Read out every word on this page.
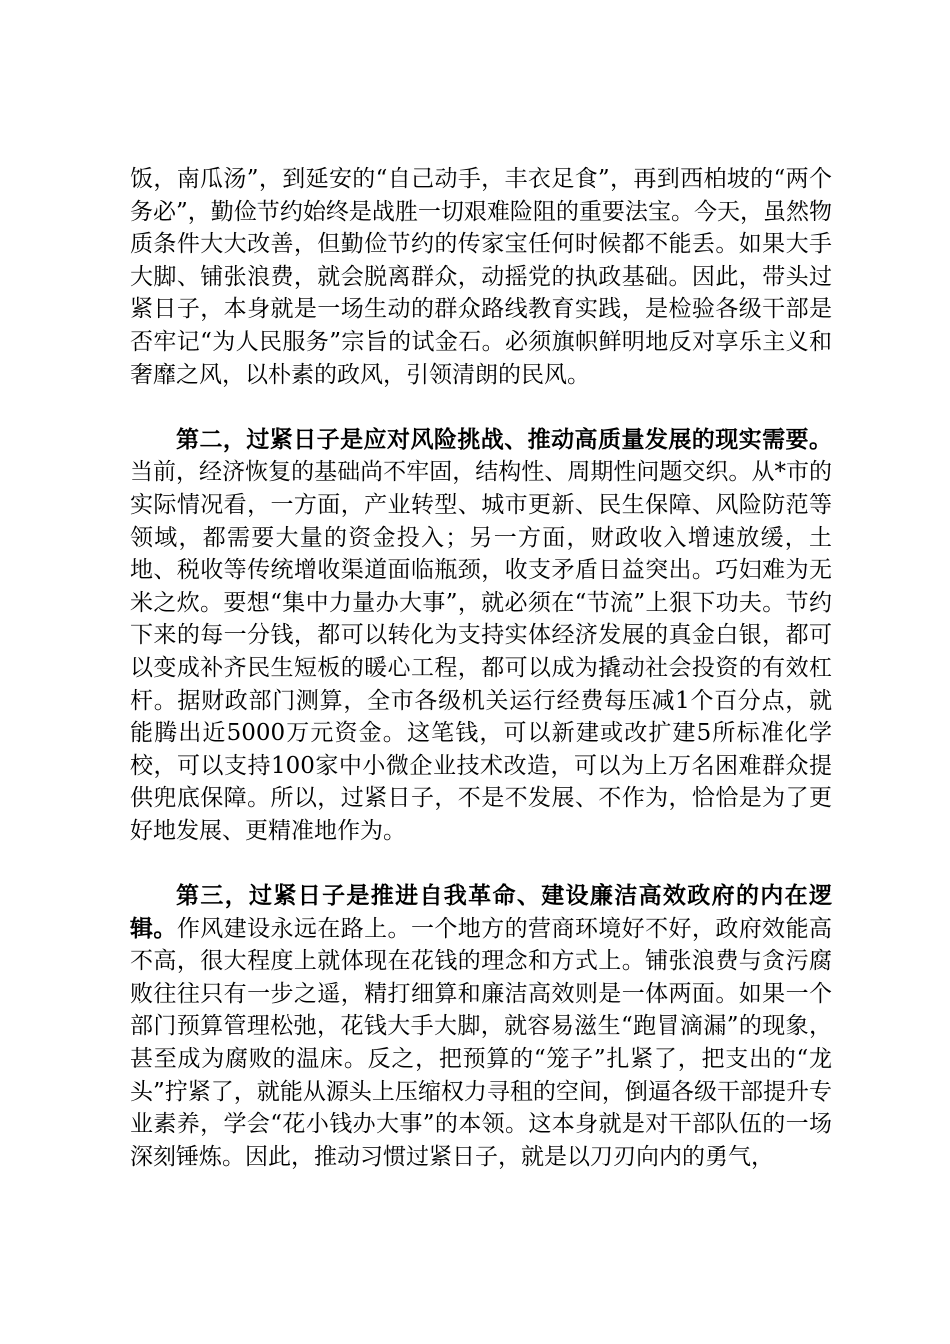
饭，南瓜汤”，到延安的“自己动手，丰衣足食”，再到西柏坡的“两个务必”，勤俭节约始终是战胜一切艰难险阻的重要法宝。今天，虽然物质条件大大改善，但勤俭节约的传家宝任何时候都不能丢。如果大手大脚、铺张浪费，就会脱离群众，动摇党的执政基础。因此，带头过紧日子，本身就是一场生动的群众路线教育实践，是检验各级干部是否牢记“为人民服务”宗旨的试金石。必须旗帜鲜明地反对享乐主义和奢靡之风，以朴素的政风，引领清朗的民风。

第二，过紧日子是应对风险挑战、推动高质量发展的现实需要。当前，经济恢复的基础尚不牢固，结构性、周期性问题交织。从*市的实际情况看，一方面，产业转型、城市更新、民生保障、风险防范等领域，都需要大量的资金投入；另一方面，财政收入增速放缓，土地、税收等传统增收渠道面临瓶颈，收支矛盾日益突出。巧妇难为无米之炊。要想“集中力量办大事”，就必须在“节流”上狠下功夫。节约下来的每一分钱，都可以转化为支持实体经济发展的真金白银，都可以变成补齐民生短板的暖心工程，都可以成为撬动社会投资的有效杠杆。据财政部门测算，全市各级机关运行经费每压减1个百分点，就能腾出近5000万元资金。这笔钱，可以新建或改扩建5所标准化学校，可以支持100家中小微企业技术改造，可以为上万名困难群众提供兜底保障。所以，过紧日子，不是不发展、不作为，恰恰是为了更好地发展、更精准地作为。

第三，过紧日子是推进自我革命、建设廉洁高效政府的内在逻辑。作风建设永远在路上。一个地方的营商环境好不好，政府效能高不高，很大程度上就体现在花钱的理念和方式上。铺张浪费与贪污腐败往往只有一步之遥，精打细算和廉洁高效则是一体两面。如果一个部门预算管理松弛，花钱大手大脚，就容易滋生“跑冒滴漏”的现象，甚至成为腐败的温床。反之，把预算的“笼子”扎紧了，把支出的“龙头”拧紧了，就能从源头上压缩权力寻租的空间，倒逼各级干部提升专业素养，学会“花小钱办大事”的本领。这本身就是对干部队伍的一场深刻锤炼。因此，推动习惯过紧日子，就是以刀刃向内的勇气，
